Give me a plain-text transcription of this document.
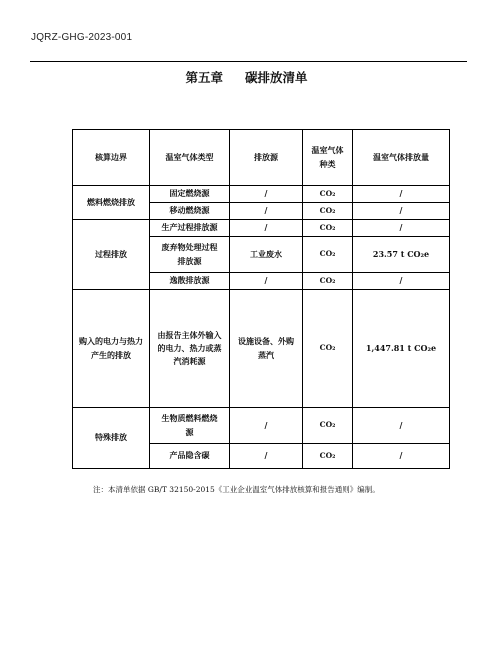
JQRZ-GHG-2023-001
第五章 碳排放清单
核算边界	温室气体类型	排放源	温室气体种类	温室气体排放量
燃料燃烧排放	固定燃烧源	/	CO₂	/
	移动燃烧源	/	CO₂	/
过程排放	生产过程排放源	/	CO₂	/
	废弃物处理过程排放源	工业废水	CO₂	23.57 t CO₂e
	逸散排放源	/	CO₂	/
购入的电力与热力产生的排放	由报告主体外输入的电力、热力或蒸汽消耗源	设施设备、外购蒸汽	CO₂	1,447.81 t CO₂e
特殊排放	生物质燃料燃烧源	/	CO₂	/
	产品隐含碳	/	CO₂	/
注：本清单依据 GB/T 32150-2015《工业企业温室气体排放核算和报告通则》编制。
